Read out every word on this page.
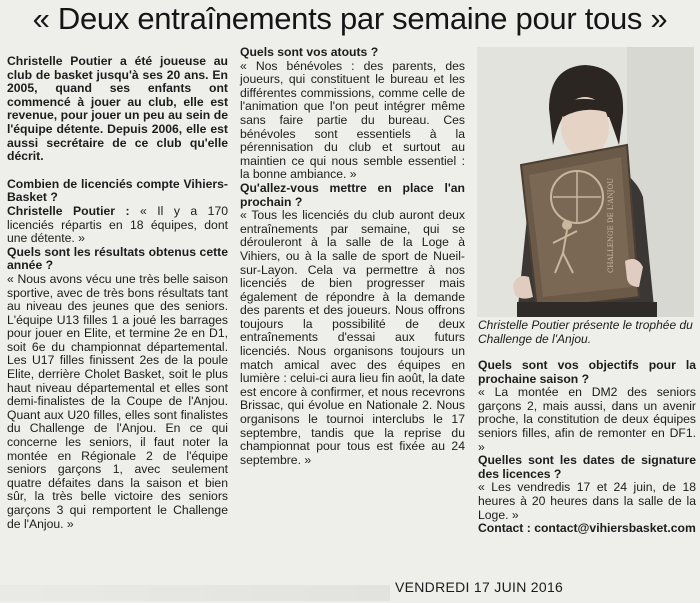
« Deux entraînements par semaine pour tous »

Christelle Poutier a été joueuse au club de basket jusqu'à ses 20 ans. En 2005, quand ses enfants ont commencé à jouer au club, elle est revenue, pour jouer un peu au sein de l'équipe détente. Depuis 2006, elle est aussi secrétaire de ce club qu'elle décrit.

Combien de licenciés compte Vihiers-Basket ?

Christelle Poutier : « Il y a 170 licenciés répartis en 18 équipes, dont une détente. »

Quels sont les résultats obtenus cette année ?

« Nous avons vécu une très belle saison sportive, avec de très bons résultats tant au niveau des jeunes que des seniors. L'équipe U13 filles 1 a joué les barrages pour jouer en Elite, et termine 2e en D1, soit 6e du championnat départemental. Les U17 filles finissent 2es de la poule Elite, derrière Cholet Basket, soit le plus haut niveau départemental et elles sont demi-finalistes de la Coupe de l'Anjou. Quant aux U20 filles, elles sont finalistes du Challenge de l'Anjou. En ce qui concerne les seniors, il faut noter la montée en Régionale 2 de l'équipe seniors garçons 1, avec seulement quatre défaites dans la saison et bien sûr, la très belle victoire des seniors garçons 3 qui remportent le Challenge de l'Anjou. »

Quels sont vos atouts ?

« Nos bénévoles : des parents, des joueurs, qui constituent le bureau et les différentes commissions, comme celle de l'animation que l'on peut intégrer même sans faire partie du bureau. Ces bénévoles sont essentiels à la pérennisation du club et surtout au maintien ce qui nous semble essentiel : la bonne ambiance. »

Qu'allez-vous mettre en place l'an prochain ?

« Tous les licenciés du club auront deux entraînements par semaine, qui se dérouleront à la salle de la Loge à Vihiers, ou à la salle de sport de Nueil-sur-Layon. Cela va permettre à nos licenciés de bien progresser mais également de répondre à la demande des parents et des joueurs. Nous offrons toujours la possibilité de deux entraînements d'essai aux futurs licenciés. Nous organisons toujours un match amical avec des équipes en lumière : celui-ci aura lieu fin août, la date est encore à confirmer, et nous recevrons Brissac, qui évolue en Nationale 2. Nous organisons le tournoi interclubs le 17 septembre, tandis que la reprise du championnat pour tous est fixée au 24 septembre. »

CHALLENGE DE L'ANJOU
Christelle Poutier présente le trophée du Challenge de l'Anjou.

Quels sont vos objectifs pour la prochaine saison ?

« La montée en DM2 des seniors garçons 2, mais aussi, dans un avenir proche, la constitution de deux équipes seniors filles, afin de remonter en DF1. »

Quelles sont les dates de signature des licences ?

« Les vendredis 17 et 24 juin, de 18 heures à 20 heures dans la salle de la Loge. »

Contact : contact@vihiersbasket.com

VENDREDI 17 JUIN 2016
